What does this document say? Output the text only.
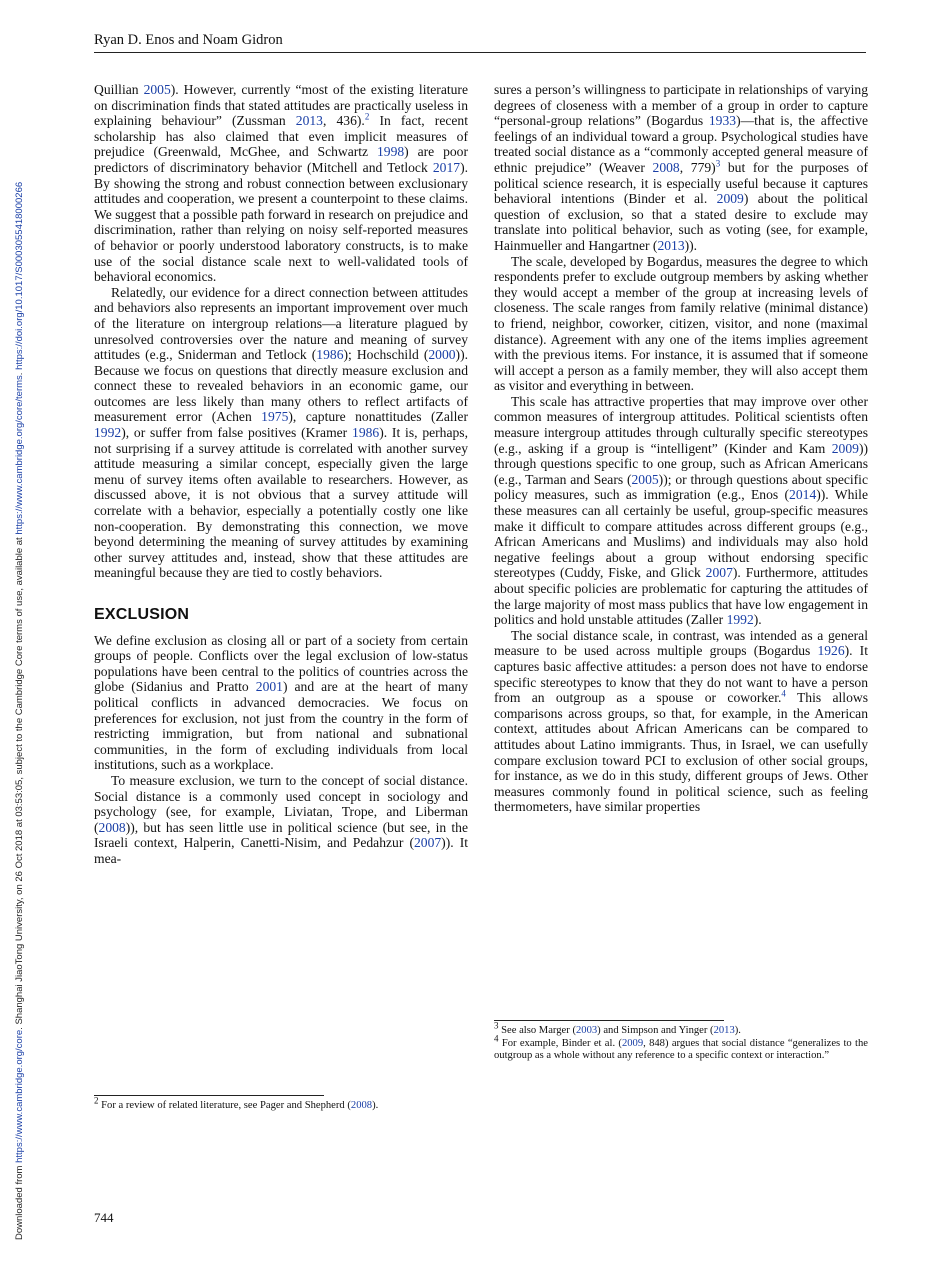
Ryan D. Enos and Noam Gidron
Downloaded from https://www.cambridge.org/core. Shanghai JiaoTong University, on 26 Oct 2018 at 03:53:05, subject to the Cambridge Core terms of use, available at https://www.cambridge.org/core/terms. https://doi.org/10.1017/S0003055418000266

Quillian 2005). However, currently “most of the existing literature on discrimination finds that stated attitudes are practically useless in explaining behaviour” (Zussman 2013, 436).$^2$ In fact, recent scholarship has also claimed that even implicit measures of prejudice (Greenwald, McGhee, and Schwartz 1998) are poor predictors of discriminatory behavior (Mitchell and Tetlock 2017). By showing the strong and robust connection between exclusionary attitudes and cooperation, we present a counterpoint to these claims. We suggest that a possible path forward in research on prejudice and discrimination, rather than relying on noisy self-reported measures of behavior or poorly understood laboratory constructs, is to make use of the social distance scale next to well-validated tools of behavioral economics.

Relatedly, our evidence for a direct connection between attitudes and behaviors also represents an important improvement over much of the literature on intergroup relations—a literature plagued by unresolved controversies over the nature and meaning of survey attitudes (e.g., Sniderman and Tetlock (1986); Hochschild (2000)). Because we focus on questions that directly measure exclusion and connect these to revealed behaviors in an economic game, our outcomes are less likely than many others to reflect artifacts of measurement error (Achen 1975), capture nonattitudes (Zaller 1992), or suffer from false positives (Kramer 1986). It is, perhaps, not surprising if a survey attitude is correlated with another survey attitude measuring a similar concept, especially given the large menu of survey items often available to researchers. However, as discussed above, it is not obvious that a survey attitude will correlate with a behavior, especially a potentially costly one like non-cooperation. By demonstrating this connection, we move beyond determining the meaning of survey attitudes by examining other survey attitudes and, instead, show that these attitudes are meaningful because they are tied to costly behaviors.

EXCLUSION

We define exclusion as closing all or part of a society from certain groups of people. Conflicts over the legal exclusion of low-status populations have been central to the politics of countries across the globe (Sidanius and Pratto 2001) and are at the heart of many political conflicts in advanced democracies. We focus on preferences for exclusion, not just from the country in the form of restricting immigration, but from national and subnational communities, in the form of excluding individuals from local institutions, such as a workplace.

To measure exclusion, we turn to the concept of social distance. Social distance is a commonly used concept in sociology and psychology (see, for example, Liviatan, Trope, and Liberman (2008)), but has seen little use in political science (but see, in the Israeli context, Halperin, Canetti-Nisim, and Pedahzur (2007)). It mea-

sures a person’s willingness to participate in relationships of varying degrees of closeness with a member of a group in order to capture “personal-group relations” (Bogardus 1933)—that is, the affective feelings of an individual toward a group. Psychological studies have treated social distance as a “commonly accepted general measure of ethnic prejudice” (Weaver 2008, 779)$^3$ but for the purposes of political science research, it is especially useful because it captures behavioral intentions (Binder et al. 2009) about the political question of exclusion, so that a stated desire to exclude may translate into political behavior, such as voting (see, for example, Hainmueller and Hangartner (2013)).

The scale, developed by Bogardus, measures the degree to which respondents prefer to exclude outgroup members by asking whether they would accept a member of the group at increasing levels of closeness. The scale ranges from family relative (minimal distance) to friend, neighbor, coworker, citizen, visitor, and none (maximal distance). Agreement with any one of the items implies agreement with the previous items. For instance, it is assumed that if someone will accept a person as a family member, they will also accept them as visitor and everything in between.

This scale has attractive properties that may improve over other common measures of intergroup attitudes. Political scientists often measure intergroup attitudes through culturally specific stereotypes (e.g., asking if a group is “intelligent” (Kinder and Kam 2009)) through questions specific to one group, such as African Americans (e.g., Tarman and Sears (2005)); or through questions about specific policy measures, such as immigration (e.g., Enos (2014)). While these measures can all certainly be useful, group-specific measures make it difficult to compare attitudes across different groups (e.g., African Americans and Muslims) and individuals may also hold negative feelings about a group without endorsing specific stereotypes (Cuddy, Fiske, and Glick 2007). Furthermore, attitudes about specific policies are problematic for capturing the attitudes of the large majority of most mass publics that have low engagement in politics and hold unstable attitudes (Zaller 1992).

The social distance scale, in contrast, was intended as a general measure to be used across multiple groups (Bogardus 1926). It captures basic affective attitudes: a person does not have to endorse specific stereotypes to know that they do not want to have a person from an outgroup as a spouse or coworker.$^4$ This allows comparisons across groups, so that, for example, in the American context, attitudes about African Americans can be compared to attitudes about Latino immigrants. Thus, in Israel, we can usefully compare exclusion toward PCI to exclusion of other social groups, for instance, as we do in this study, different groups of Jews. Other measures commonly found in political science, such as feeling thermometers, have similar properties

$^2$ For a review of related literature, see Pager and Shepherd (2008).
$^3$ See also Marger (2003) and Simpson and Yinger (2013).
$^4$ For example, Binder et al. (2009, 848) argues that social distance “generalizes to the outgroup as a whole without any reference to a specific context or interaction.”
744
